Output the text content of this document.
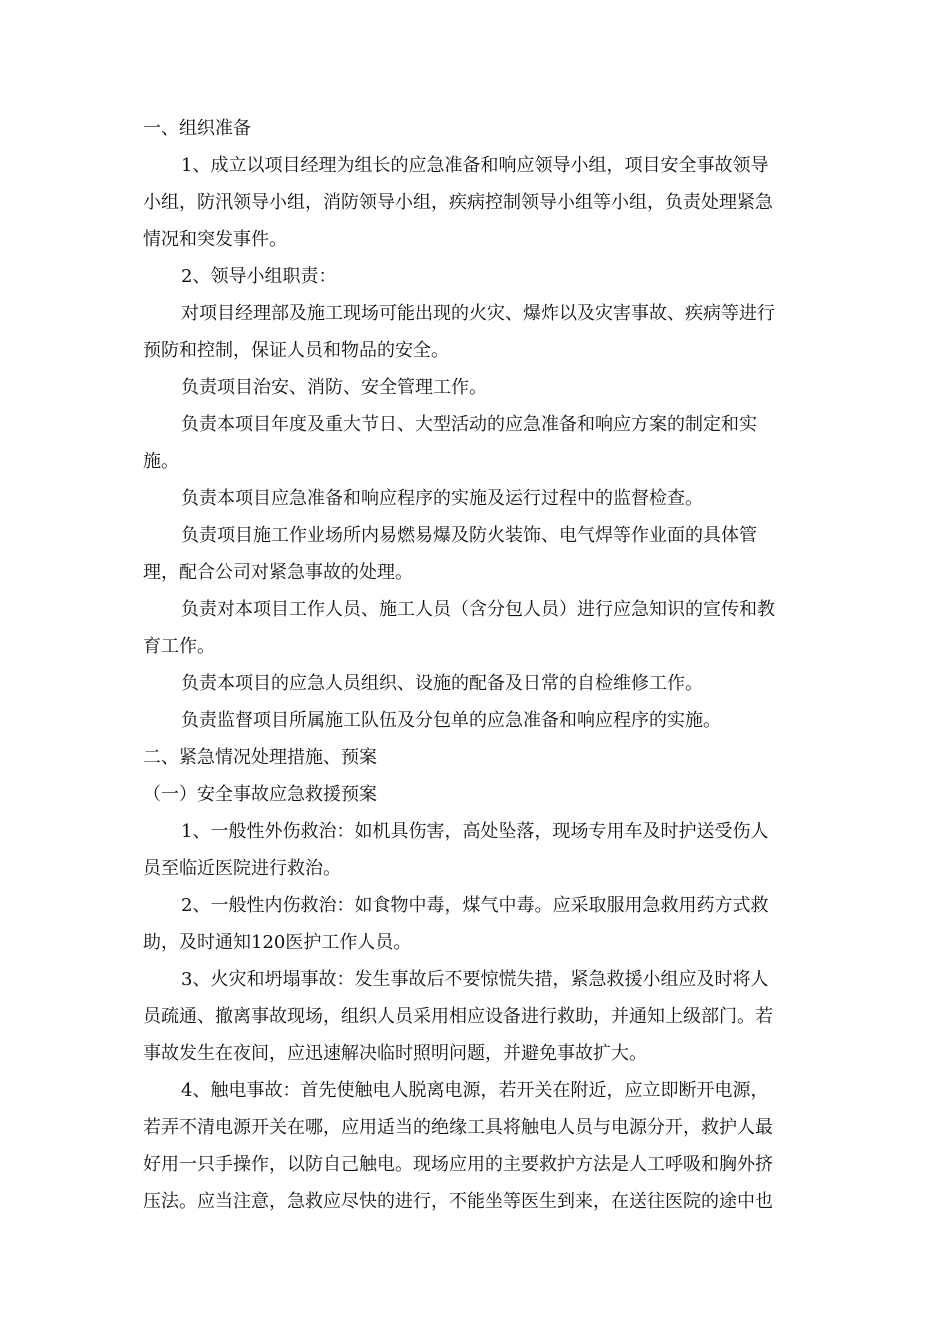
一、组织准备
1、成立以项目经理为组长的应急准备和响应领导小组，项目安全事故领导
小组，防汛领导小组，消防领导小组，疾病控制领导小组等小组，负责处理紧急
情况和突发事件。
2、领导小组职责：
对项目经理部及施工现场可能出现的火灾、爆炸以及灾害事故、疾病等进行
预防和控制，保证人员和物品的安全。
负责项目治安、消防、安全管理工作。
负责本项目年度及重大节日、大型活动的应急准备和响应方案的制定和实
施。
负责本项目应急准备和响应程序的实施及运行过程中的监督检查。
负责项目施工作业场所内易燃易爆及防火装饰、电气焊等作业面的具体管
理，配合公司对紧急事故的处理。
负责对本项目工作人员、施工人员（含分包人员）进行应急知识的宣传和教
育工作。
负责本项目的应急人员组织、设施的配备及日常的自检维修工作。
负责监督项目所属施工队伍及分包单的应急准备和响应程序的实施。
二、紧急情况处理措施、预案
（一）安全事故应急救援预案
1、一般性外伤救治：如机具伤害，高处坠落，现场专用车及时护送受伤人
员至临近医院进行救治。
2、一般性内伤救治：如食物中毒，煤气中毒。应采取服用急救用药方式救
助，及时通知120医护工作人员。
3、火灾和坍塌事故：发生事故后不要惊慌失措，紧急救援小组应及时将人
员疏通、撤离事故现场，组织人员采用相应设备进行救助，并通知上级部门。若
事故发生在夜间，应迅速解决临时照明问题，并避免事故扩大。
4、触电事故：首先使触电人脱离电源，若开关在附近，应立即断开电源，
若弄不清电源开关在哪，应用适当的绝缘工具将触电人员与电源分开，救护人最
好用一只手操作，以防自己触电。现场应用的主要救护方法是人工呼吸和胸外挤
压法。应当注意，急救应尽快的进行，不能坐等医生到来，在送往医院的途中也
